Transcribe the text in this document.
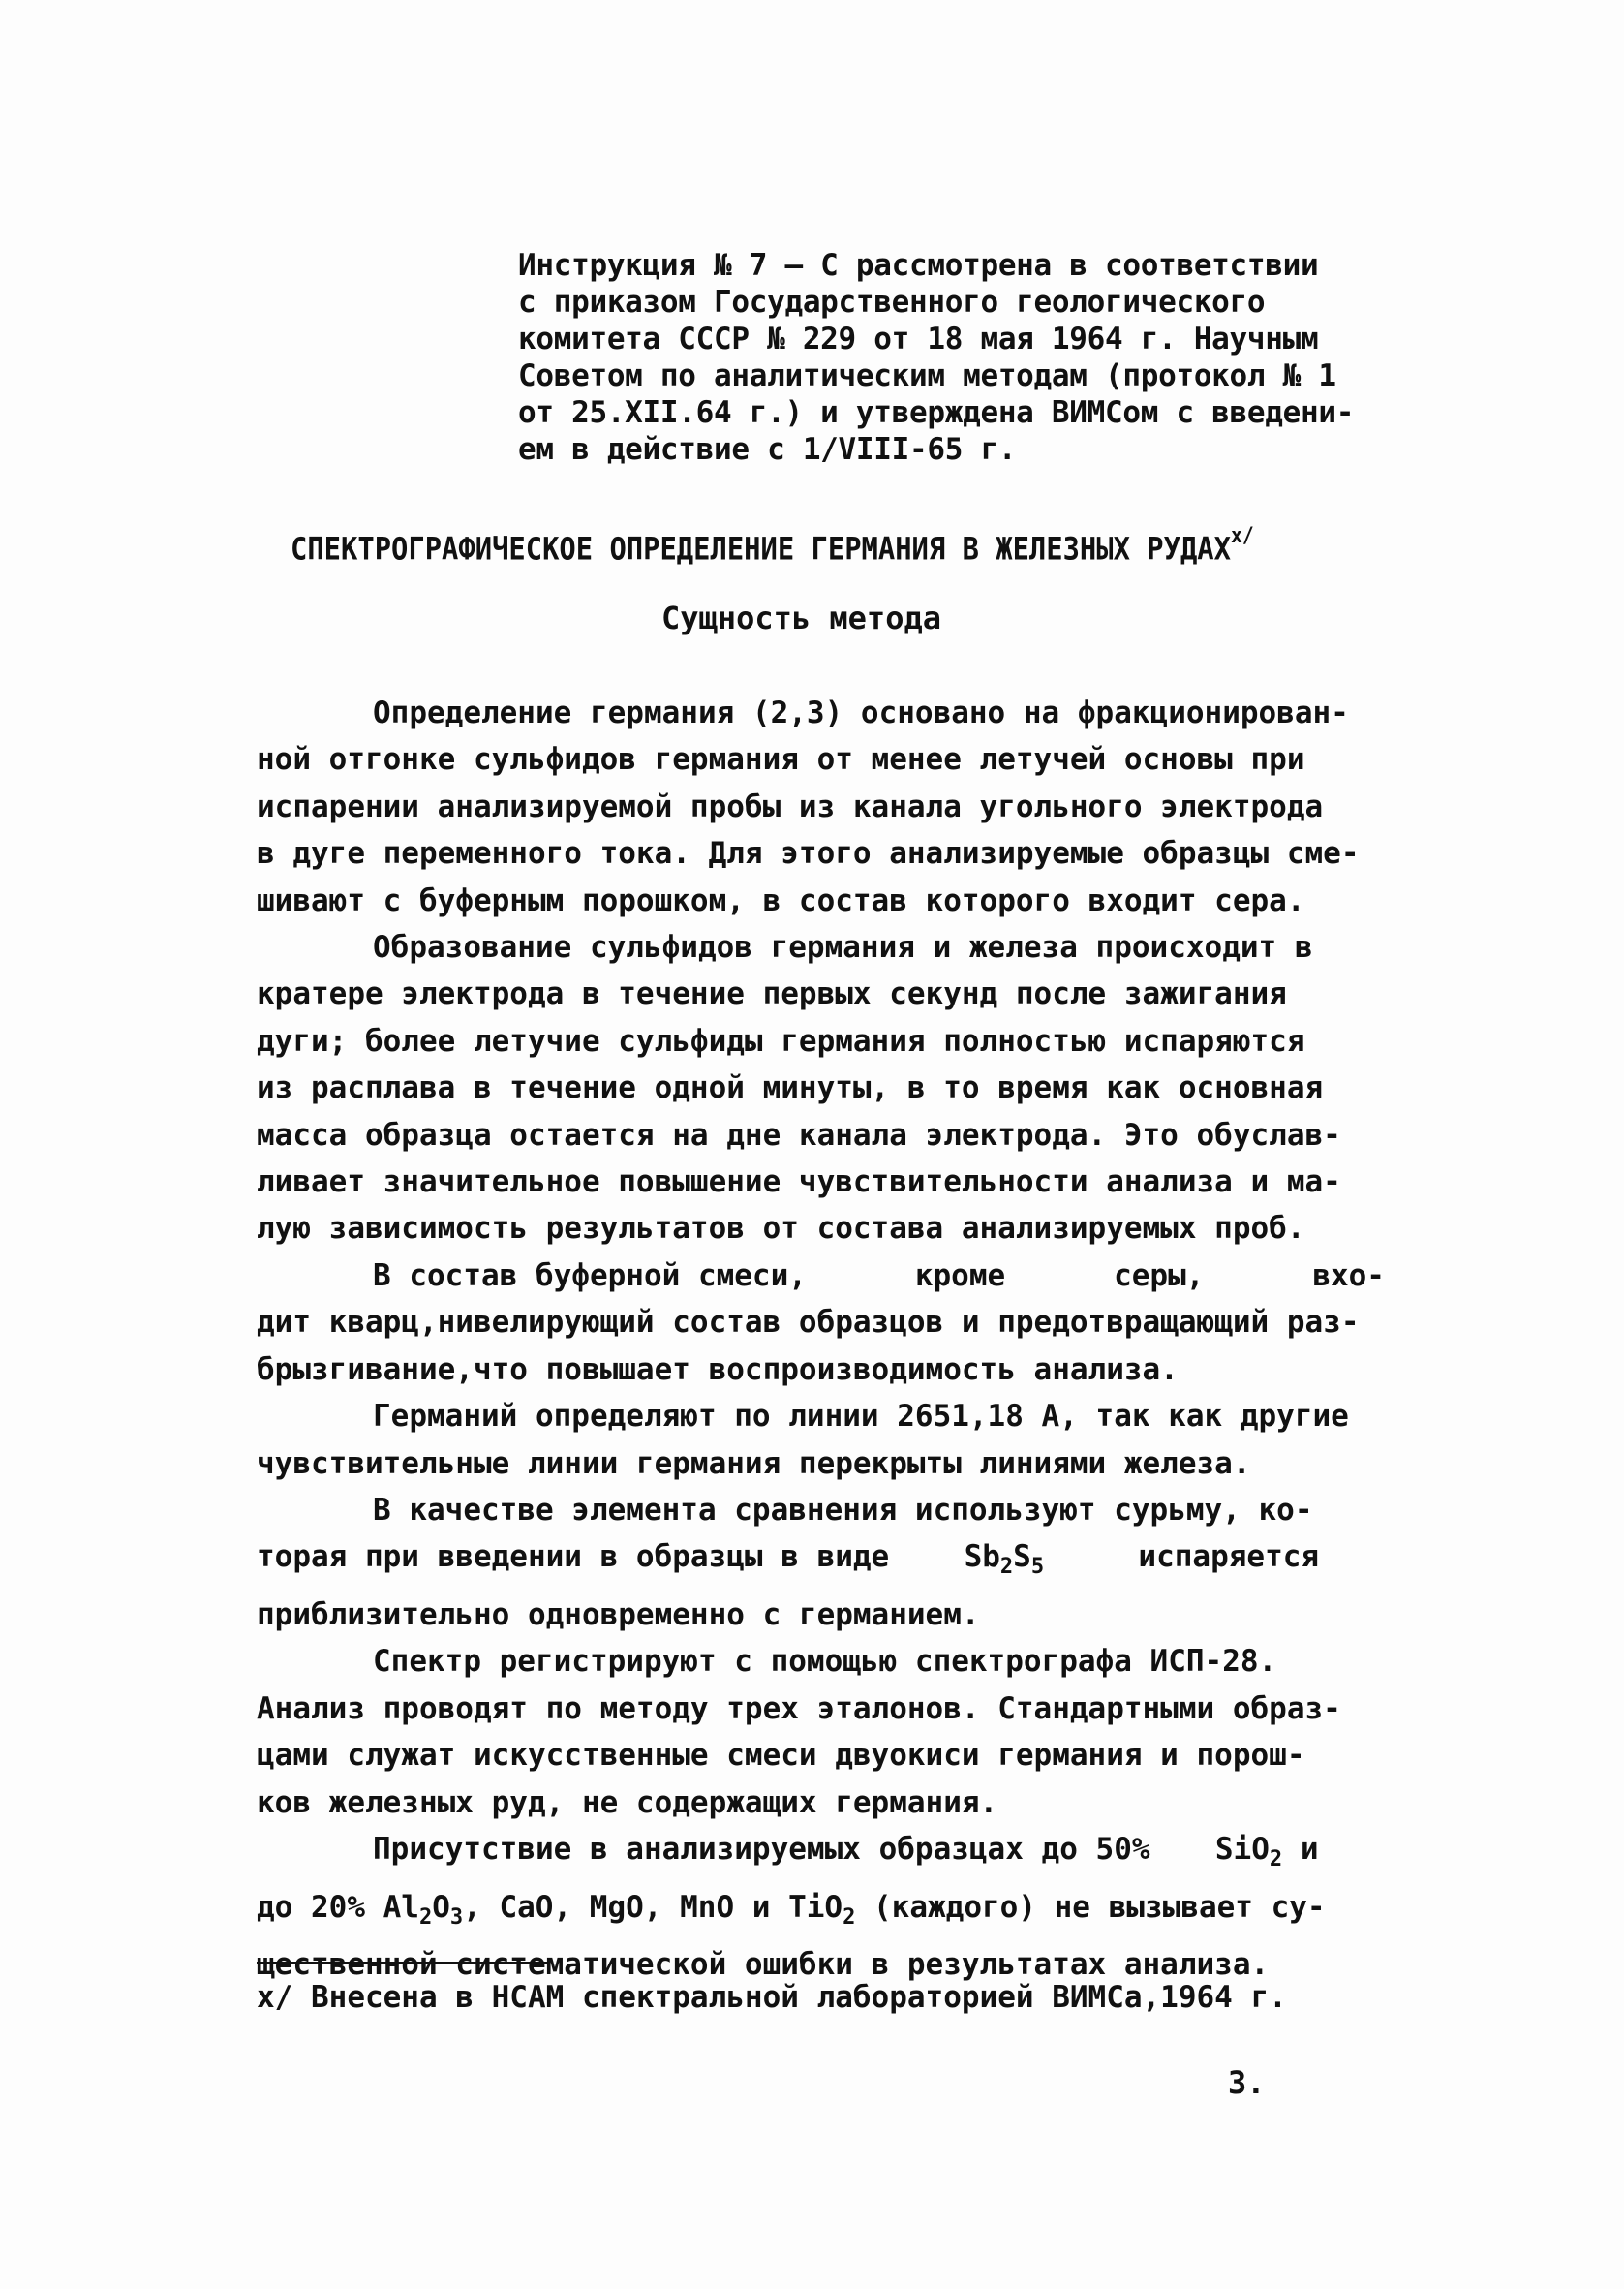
Инструкция № 7 – С рассмотрена в соответствии
с приказом Государственного геологического
комитета СССР № 229 от 18 мая 1964 г. Научным
Советом по аналитическим методам (протокол № 1
от 25.XII.64 г.) и утверждена ВИМСом с введени-
ем в действие с 1/VIII-65 г.
СПЕКТРОГРАФИЧЕСКОЕ ОПРЕДЕЛЕНИЕ ГЕРМАНИЯ В ЖЕЛЕЗНЫХ $РУДАХ^{x/}$
Сущность метода
Определение германия (2,3) основано на фракционирован-
ной отгонке сульфидов германия от менее летучей основы при
испарении анализируемой пробы из канала угольного электрода
в дуге переменного тока. Для этого анализируемые образцы сме-
шивают с буферным порошком, в состав которого входит сера.
Образование сульфидов германия и железа происходит в
кратере электрода в течение первых секунд после зажигания
дуги; более летучие сульфиды германия полностью испаряются
из расплава в течение одной минуты, в то время как основная
масса образца остается на дне канала электрода. Это обуслав-
ливает значительное повышение чувствительности анализа и ма-
лую зависимость результатов от состава анализируемых проб.
В состав буферной смеси,	кроме	серы,	вхо-
дит кварц,нивелирующий состав образцов и предотвращающий раз-
брызгивание,что повышает воспроизводимость анализа.
Германий определяют по линии 2651,18 А, так как другие
чувствительные линии германия перекрыты линиями железа.
В качестве элемента сравнения используют сурьму, ко-
торая при введении в образцы в виде $Sb_2S_5$	испаряется
приблизительно одновременно с германием.
Спектр регистрируют с помощью спектрографа ИСП-28.
Анализ проводят по методу трех эталонов. Стандартными образ-
цами служат искусственные смеси двуокиси германия и порош-
ков железных руд, не содержащих германия.
Присутствие в анализируемых образцах до 50% SiO$_2$ и
до 20% $Al_2O_3$, CaO, MgO, MnO и TiO$_2$ (каждого) не вызывает су-
щественной систематической ошибки в результатах анализа.
x/ Внесена в НСАМ спектральной лабораторией ВИМСа,1964 г.
3.
